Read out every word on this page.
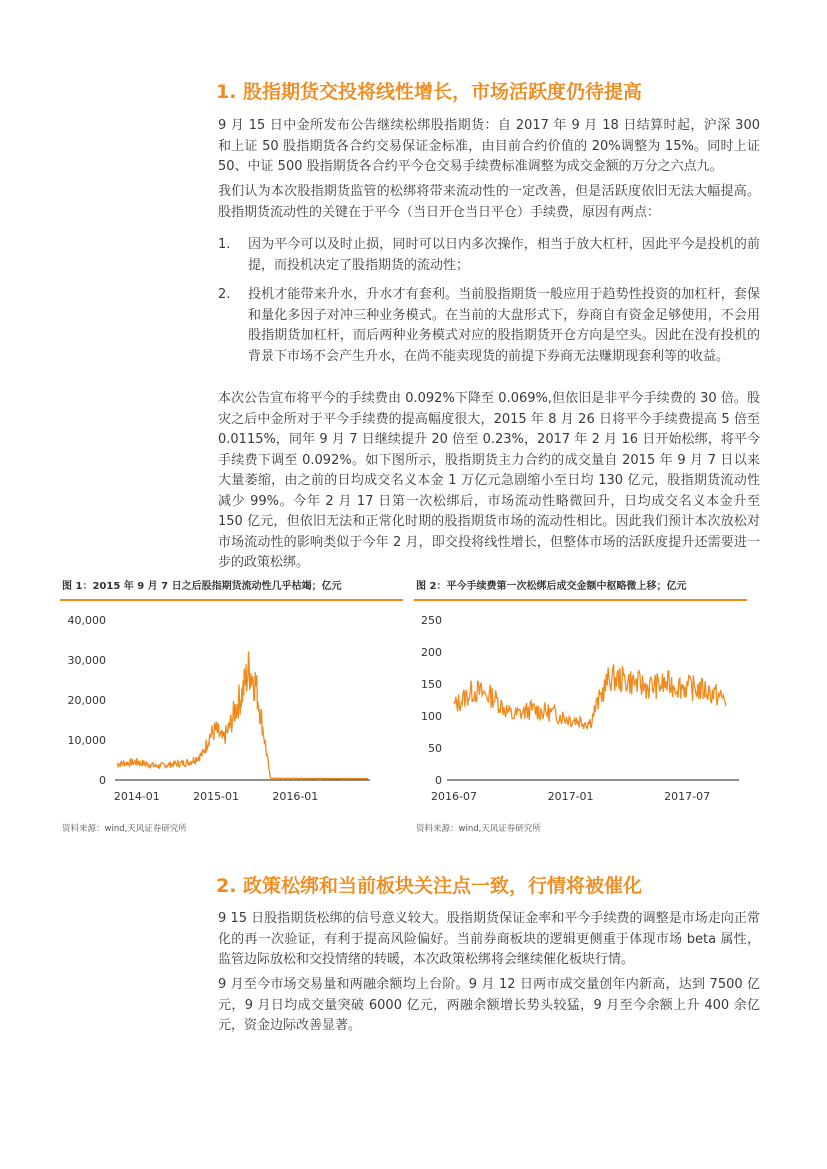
1. 股指期货交投将线性增长，市场活跃度仍待提高

9 月 15 日中金所发布公告继续松绑股指期货：自 2017 年 9 月 18 日结算时起，沪深 300 和上证 50 股指期货各合约交易保证金标准，由目前合约价值的 20%调整为 15%。同时上证 50、中证 500 股指期货各合约平今仓交易手续费标准调整为成交金额的万分之六点九。

我们认为本次股指期货监管的松绑将带来流动性的一定改善，但是活跃度依旧无法大幅提高。股指期货流动性的关键在于平今（当日开仓当日平仓）手续费，原因有两点：

1.	因为平今可以及时止损，同时可以日内多次操作，相当于放大杠杆，因此平今是投机的前提，而投机决定了股指期货的流动性；
2.	投机才能带来升水，升水才有套利。当前股指期货一般应用于趋势性投资的加杠杆，套保和量化多因子对冲三种业务模式。在当前的大盘形式下，券商自有资金足够使用，不会用股指期货加杠杆，而后两种业务模式对应的股指期货开仓方向是空头。因此在没有投机的背景下市场不会产生升水，在尚不能卖现货的前提下券商无法赚期现套利等的收益。

本次公告宣布将平今的手续费由 0.092%下降至 0.069%,但依旧是非平今手续费的 30 倍。股灾之后中金所对于平今手续费的提高幅度很大，2015 年 8 月 26 日将平今手续费提高 5 倍至 0.0115%，同年 9 月 7 日继续提升 20 倍至 0.23%，2017 年 2 月 16 日开始松绑，将平今手续费下调至 0.092%。如下图所示，股指期货主力合约的成交量自 2015 年 9 月 7 日以来大量萎缩，由之前的日均成交名义本金 1 万亿元急剧缩小至日均 130 亿元，股指期货流动性减少 99%。今年 2 月 17 日第一次松绑后，市场流动性略微回升，日均成交名义本金升至 150 亿元，但依旧无法和正常化时期的股指期货市场的流动性相比。因此我们预计本次放松对市场流动性的影响类似于今年 2 月，即交投将线性增长，但整体市场的活跃度提升还需要进一步的政策松绑。

图 1：2015 年 9 月 7 日之后股指期货流动性几乎枯竭；亿元
0
10,000
20,000
30,000
40,000
2014-01	2015-01	2016-01
资料来源：wind,天风证券研究所
图 2：平今手续费第一次松绑后成交金额中枢略微上移；亿元
0
50
100
150
200
250
2016-07	2017-01	2017-07
资料来源：wind,天风证券研究所
2. 政策松绑和当前板块关注点一致，行情将被催化

9 15 日股指期货松绑的信号意义较大。股指期货保证金率和平今手续费的调整是市场走向正常化的再一次验证，有利于提高风险偏好。当前券商板块的逻辑更侧重于体现市场 beta 属性，监管边际放松和交投情绪的转暖，本次政策松绑将会继续催化板块行情。

9 月至今市场交易量和两融余额均上台阶。9 月 12 日两市成交量创年内新高，达到 7500 亿元，9 月日均成交量突破 6000 亿元，两融余额增长势头较猛，9 月至今余额上升 400 余亿元，资金边际改善显著。
